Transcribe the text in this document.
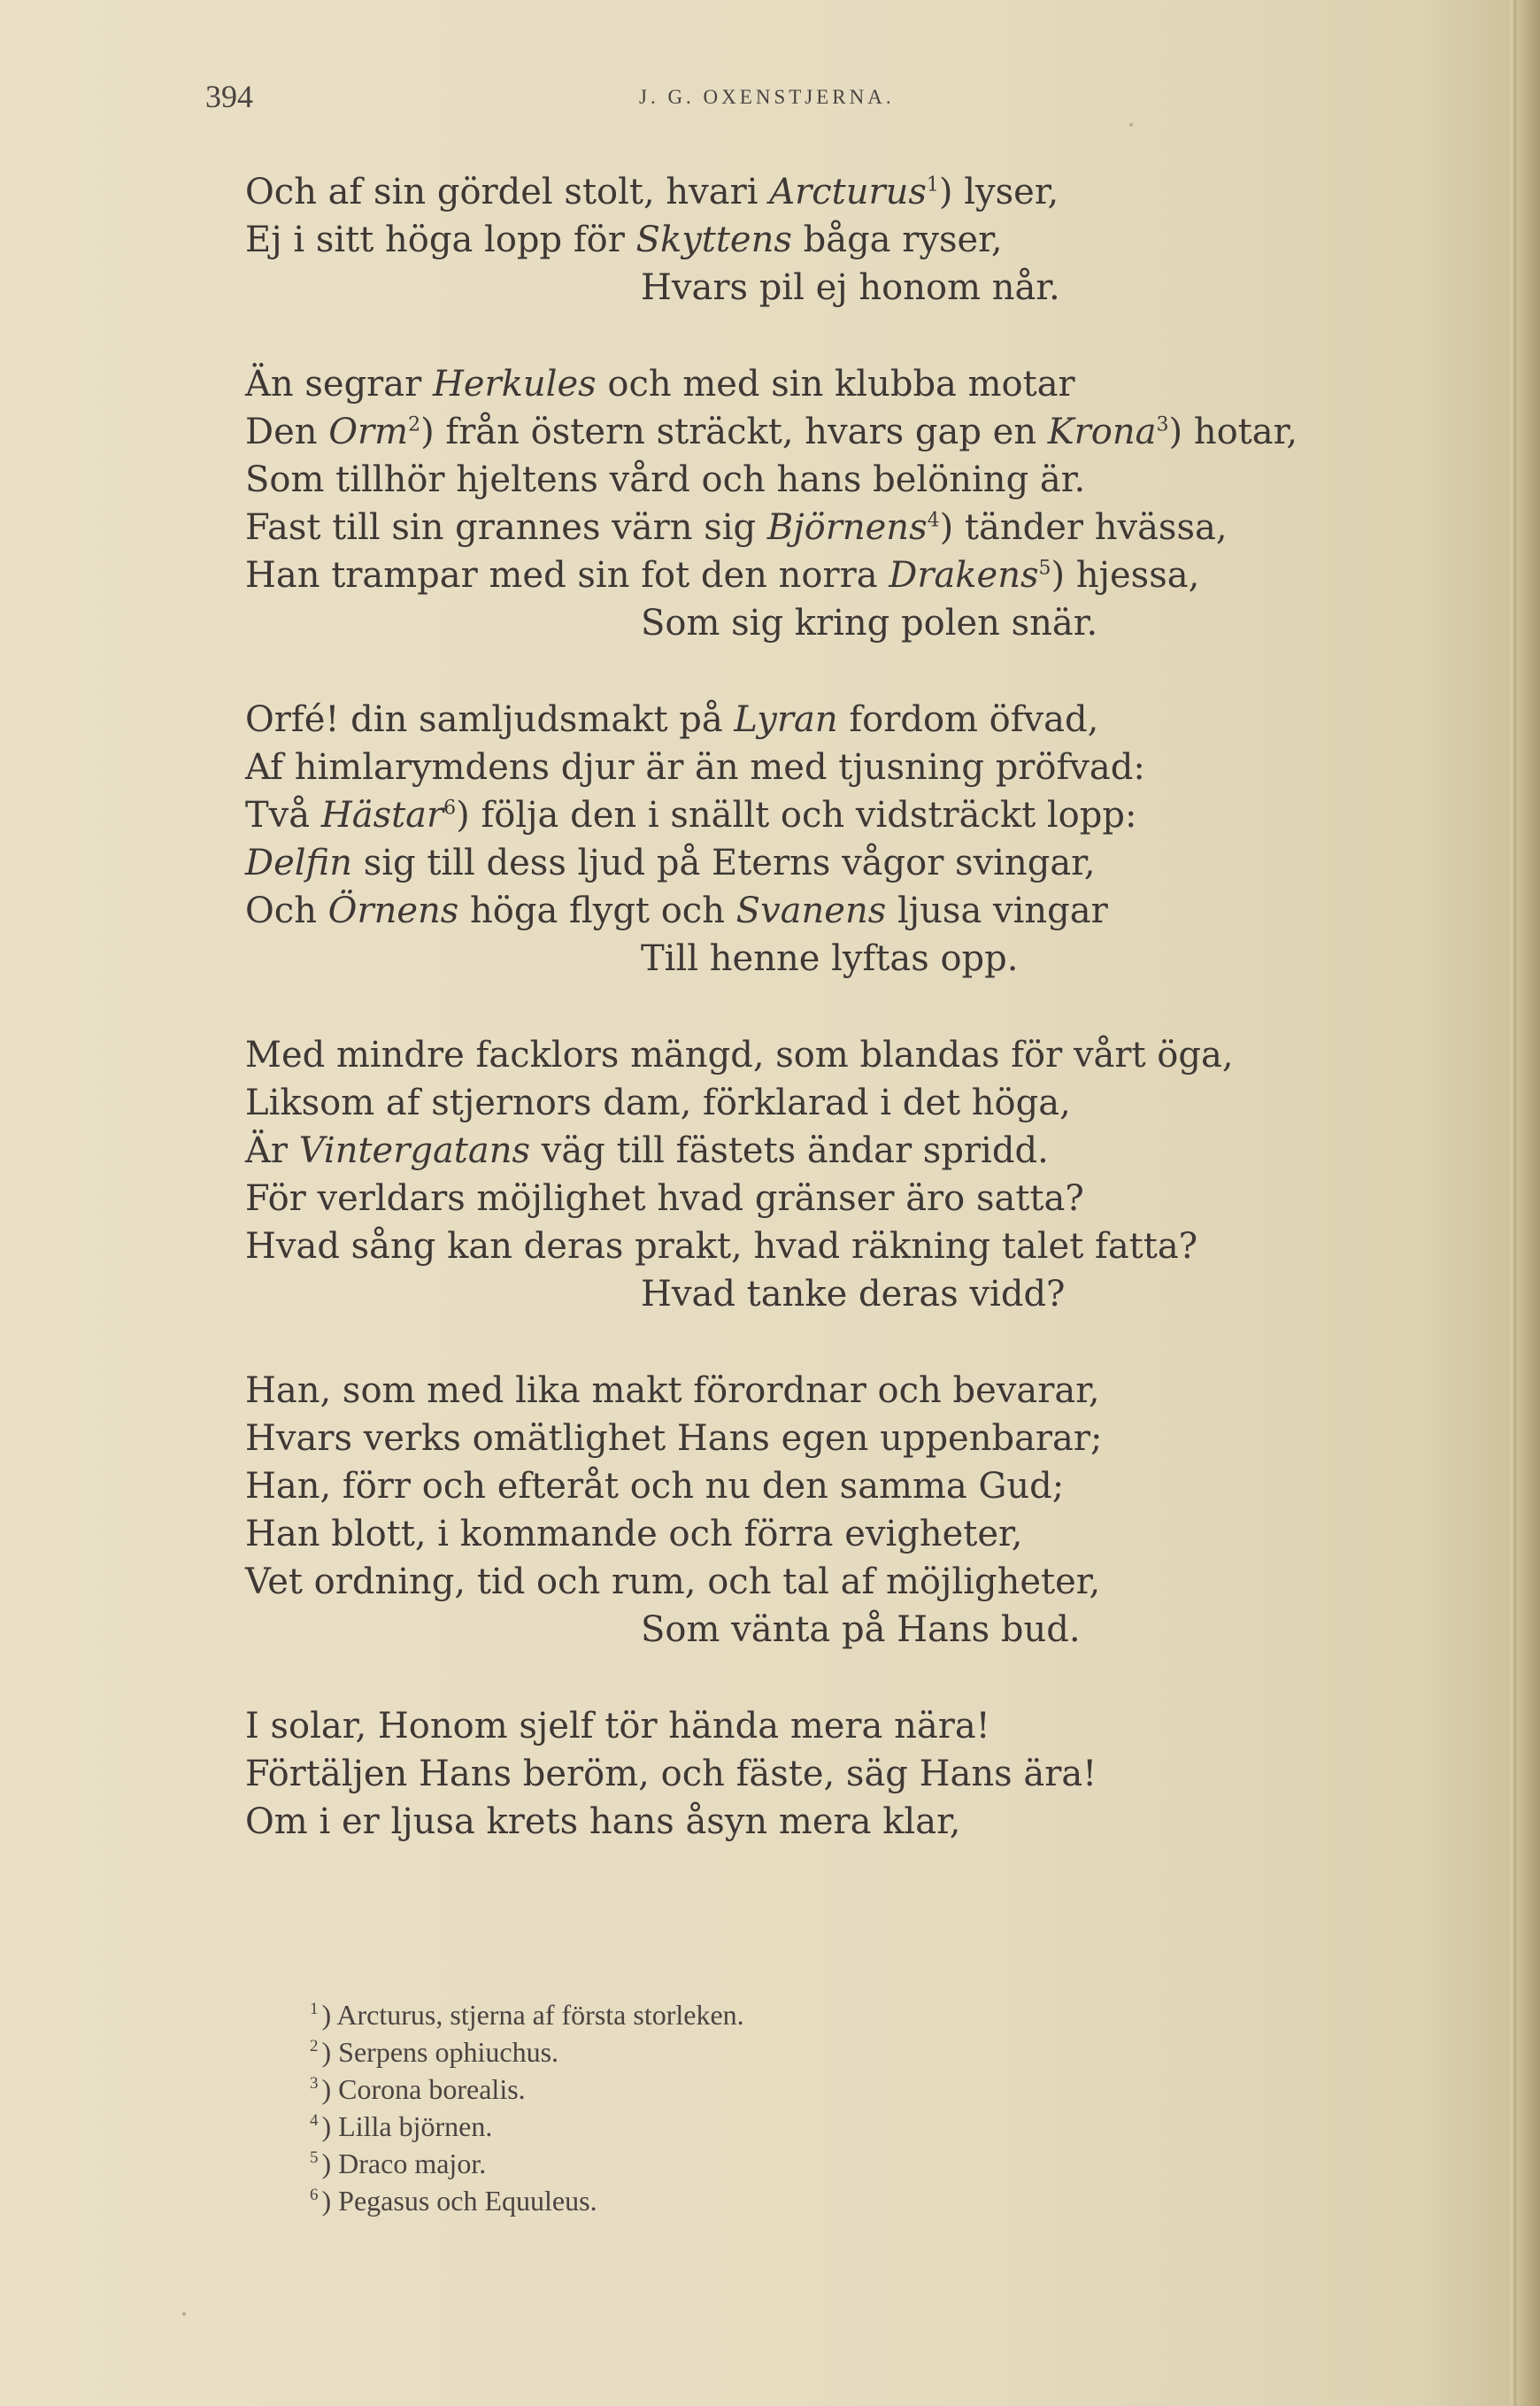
394	J. G. OXENSTJERNA.
Och af sin gördel stolt, hvari Arcturus$^1$) lyser,
Ej i sitt höga lopp för Skyttens båga ryser,
Hvars pil ej honom når.
Än segrar Herkules och med sin klubba motar
Den Orm$^2$) från östern sträckt, hvars gap en Krona$^3$) hotar,
Som tillhör hjeltens vård och hans belöning är.
Fast till sin grannes värn sig Björnens$^4$) tänder hvässa,
Han trampar med sin fot den norra Drakens$^5$) hjessa,
Som sig kring polen snär.
Orfé! din samljudsmakt på Lyran fordom öfvad,
Af himlarymdens djur är än med tjusning pröfvad:
Två Hästar$^6$) följa den i snällt och vidsträckt lopp:
Delfin sig till dess ljud på Eterns vågor svingar,
Och Örnens höga flygt och Svanens ljusa vingar
Till henne lyftas opp.
Med mindre facklors mängd, som blandas för vårt öga,
Liksom af stjernors dam, förklarad i det höga,
Är Vintergatans väg till fästets ändar spridd.
För verldars möjlighet hvad gränser äro satta?
Hvad sång kan deras prakt, hvad räkning talet fatta?
Hvad tanke deras vidd?
Han, som med lika makt förordnar och bevarar,
Hvars verks omätlighet Hans egen uppenbarar;
Han, förr och efteråt och nu den samma Gud;
Han blott, i kommande och förra evigheter,
Vet ordning, tid och rum, och tal af möjligheter,
Som vänta på Hans bud.
I solar, Honom sjelf tör hända mera nära!
Förtäljen Hans beröm, och fäste, säg Hans ära!
Om i er ljusa krets hans åsyn mera klar,
$^1$ ) Arcturus, stjerna af första storleken.
$^2$ ) Serpens ophiuchus.
$^3$ ) Corona borealis.
$^4$ ) Lilla björnen.
$^5$ ) Draco major.
$^6$ ) Pegasus och Equuleus.
